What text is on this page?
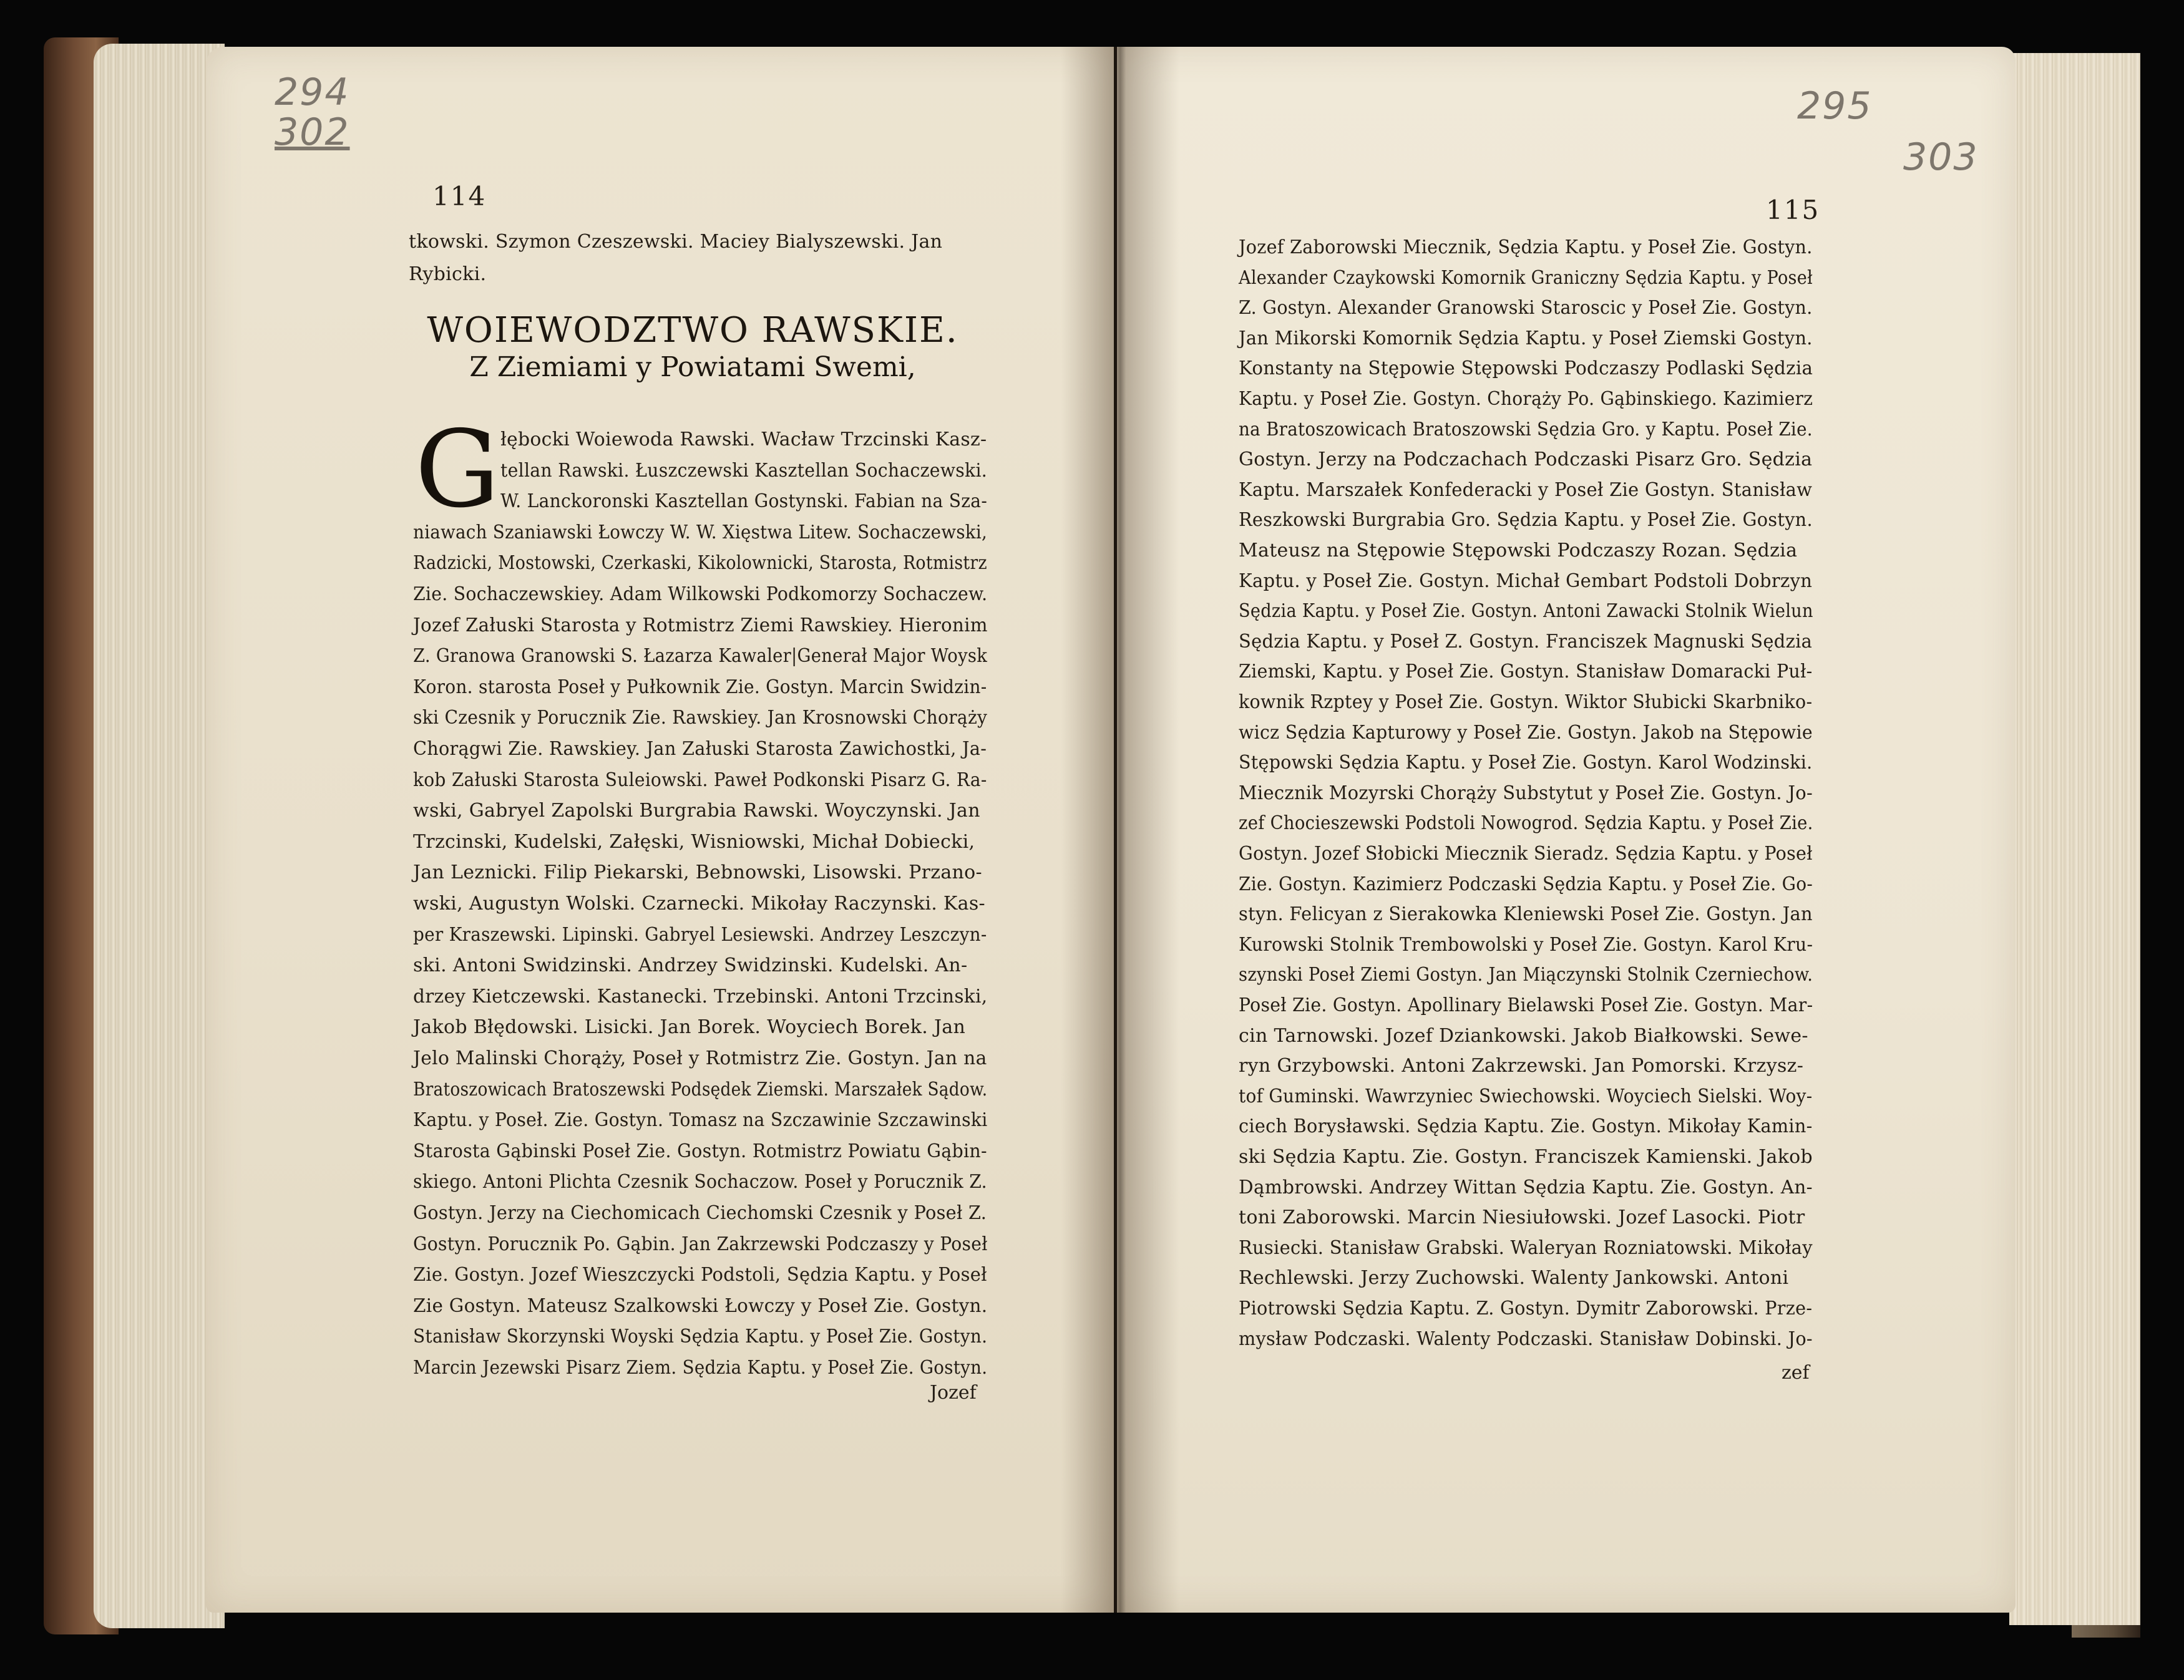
294
302
114
tkowski. Szymon Czeszewski. Maciey Bialyszewski. Jan
Rybicki.
WOIEWODZTWO RAWSKIE.
Z Ziemiami y Powiatami Swemi,
G łębocki Woiewoda Rawski. Wacław Trzcinski Kasz-
tellan Rawski. Łuszczewski Kasztellan Sochaczewski.
W. Lanckoronski Kasztellan Gostynski. Fabian na Sza-
niawach Szaniawski Łowczy W. W. Xięstwa Litew. Sochaczewski,
Radzicki, Mostowski, Czerkaski, Kikolownicki, Starosta, Rotmistrz
Zie. Sochaczewskiey. Adam Wilkowski Podkomorzy Sochaczew.
Jozef Załuski Starosta y Rotmistrz Ziemi Rawskiey. Hieronim
Z. Granowa Granowski S. Łazarza Kawaler|Generał Major Woysk
Koron. starosta Poseł y Pułkownik Zie. Gostyn. Marcin Swidzin-
ski Czesnik y Porucznik Zie. Rawskiey. Jan Krosnowski Chorąży
Chorągwi Zie. Rawskiey. Jan Załuski Starosta Zawichostki, Ja-
kob Załuski Starosta Suleiowski. Paweł Podkonski Pisarz G. Ra-
wski, Gabryel Zapolski Burgrabia Rawski. Woyczynski. Jan
Trzcinski, Kudelski, Załęski, Wisniowski, Michał Dobiecki,
Jan Leznicki. Filip Piekarski, Bebnowski, Lisowski. Przano-
wski, Augustyn Wolski. Czarnecki. Mikołay Raczynski. Kas-
per Kraszewski. Lipinski. Gabryel Lesiewski. Andrzey Leszczyn-
ski. Antoni Swidzinski. Andrzey Swidzinski. Kudelski. An-
drzey Kietczewski. Kastanecki. Trzebinski. Antoni Trzcinski,
Jakob Błędowski. Lisicki. Jan Borek. Woyciech Borek. Jan
Jelo Malinski Chorąży, Poseł y Rotmistrz Zie. Gostyn. Jan na
Bratoszowicach Bratoszewski Podsędek Ziemski. Marszałek Sądow.
Kaptu. y Poseł. Zie. Gostyn. Tomasz na Szczawinie Szczawinski
Starosta Gąbinski Poseł Zie. Gostyn. Rotmistrz Powiatu Gąbin-
skiego. Antoni Plichta Czesnik Sochaczow. Poseł y Porucznik Z.
Gostyn. Jerzy na Ciechomicach Ciechomski Czesnik y Poseł Z.
Gostyn. Porucznik Po. Gąbin. Jan Zakrzewski Podczaszy y Poseł
Zie. Gostyn. Jozef Wieszczycki Podstoli, Sędzia Kaptu. y Poseł
Zie Gostyn. Mateusz Szalkowski Łowczy y Poseł Zie. Gostyn.
Stanisław Skorzynski Woyski Sędzia Kaptu. y Poseł Zie. Gostyn.
Marcin Jezewski Pisarz Ziem. Sędzia Kaptu. y Poseł Zie. Gostyn.
Jozef
295
303
115
Jozef Zaborowski Miecznik, Sędzia Kaptu. y Poseł Zie. Gostyn.
Alexander Czaykowski Komornik Graniczny Sędzia Kaptu. y Poseł
Z. Gostyn. Alexander Granowski Staroscic y Poseł Zie. Gostyn.
Jan Mikorski Komornik Sędzia Kaptu. y Poseł Ziemski Gostyn.
Konstanty na Stępowie Stępowski Podczaszy Podlaski Sędzia
Kaptu. y Poseł Zie. Gostyn. Chorąży Po. Gąbinskiego. Kazimierz
na Bratoszowicach Bratoszowski Sędzia Gro. y Kaptu. Poseł Zie.
Gostyn. Jerzy na Podczachach Podczaski Pisarz Gro. Sędzia
Kaptu. Marszałek Konfederacki y Poseł Zie Gostyn. Stanisław
Reszkowski Burgrabia Gro. Sędzia Kaptu. y Poseł Zie. Gostyn.
Mateusz na Stępowie Stępowski Podczaszy Rozan. Sędzia
Kaptu. y Poseł Zie. Gostyn. Michał Gembart Podstoli Dobrzyn
Sędzia Kaptu. y Poseł Zie. Gostyn. Antoni Zawacki Stolnik Wielun
Sędzia Kaptu. y Poseł Z. Gostyn. Franciszek Magnuski Sędzia
Ziemski, Kaptu. y Poseł Zie. Gostyn. Stanisław Domaracki Puł-
kownik Rzptey y Poseł Zie. Gostyn. Wiktor Słubicki Skarbniko-
wicz Sędzia Kapturowy y Poseł Zie. Gostyn. Jakob na Stępowie
Stępowski Sędzia Kaptu. y Poseł Zie. Gostyn. Karol Wodzinski.
Miecznik Mozyrski Chorąży Substytut y Poseł Zie. Gostyn. Jo-
zef Chocieszewski Podstoli Nowogrod. Sędzia Kaptu. y Poseł Zie.
Gostyn. Jozef Słobicki Miecznik Sieradz. Sędzia Kaptu. y Poseł
Zie. Gostyn. Kazimierz Podczaski Sędzia Kaptu. y Poseł Zie. Go-
styn. Felicyan z Sierakowka Kleniewski Poseł Zie. Gostyn. Jan
Kurowski Stolnik Trembowolski y Poseł Zie. Gostyn. Karol Kru-
szynski Poseł Ziemi Gostyn. Jan Miączynski Stolnik Czerniechow.
Poseł Zie. Gostyn. Apollinary Bielawski Poseł Zie. Gostyn. Mar-
cin Tarnowski. Jozef Dziankowski. Jakob Białkowski. Sewe-
ryn Grzybowski. Antoni Zakrzewski. Jan Pomorski. Krzysz-
tof Guminski. Wawrzyniec Swiechowski. Woyciech Sielski. Woy-
ciech Borysławski. Sędzia Kaptu. Zie. Gostyn. Mikołay Kamin-
ski Sędzia Kaptu. Zie. Gostyn. Franciszek Kamienski. Jakob
Dąmbrowski. Andrzey Wittan Sędzia Kaptu. Zie. Gostyn. An-
toni Zaborowski. Marcin Niesiułowski. Jozef Lasocki. Piotr
Rusiecki. Stanisław Grabski. Waleryan Rozniatowski. Mikołay
Rechlewski. Jerzy Zuchowski. Walenty Jankowski. Antoni
Piotrowski Sędzia Kaptu. Z. Gostyn. Dymitr Zaborowski. Prze-
mysław Podczaski. Walenty Podczaski. Stanisław Dobinski. Jo-
zef
